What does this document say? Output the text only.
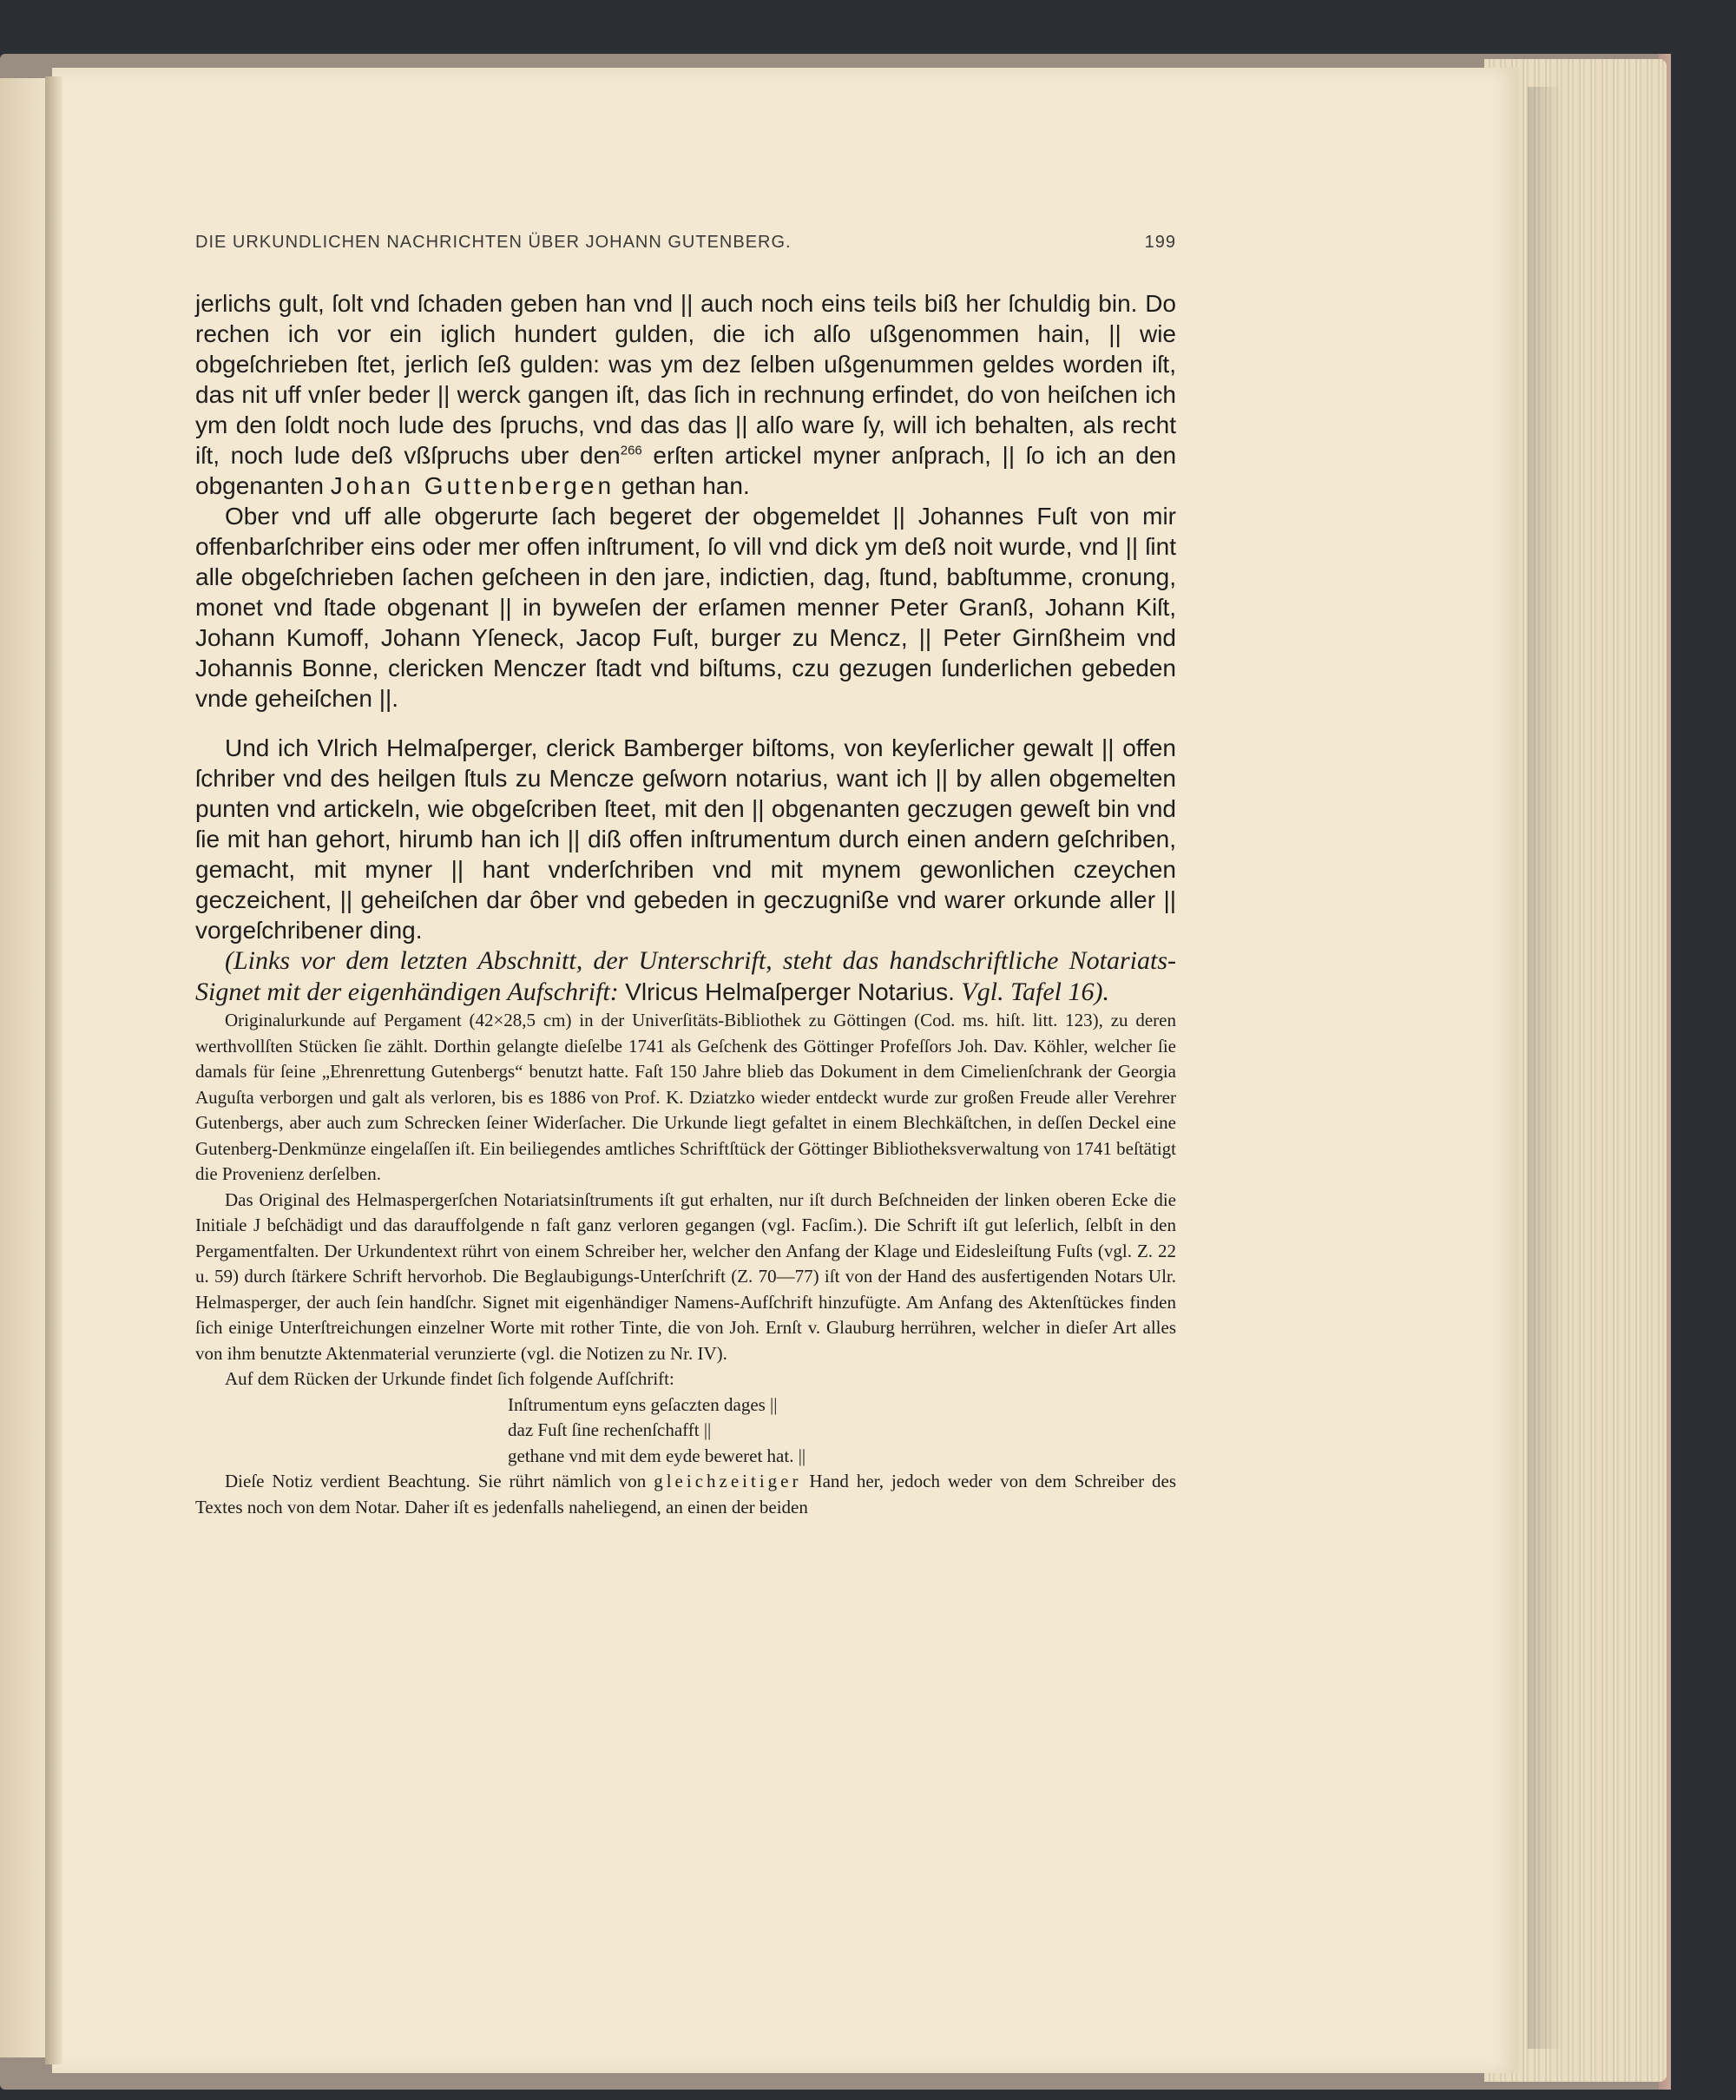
DIE URKUNDLICHEN NACHRICHTEN ÜBER JOHANN GUTENBERG.	199

jerlichs gult, ſolt vnd ſchaden geben han vnd || auch noch eins teils biß her ſchuldig bin. Do rechen ich vor ein iglich hundert gulden, die ich alſo ußgenommen hain, || wie obgeſchrieben ſtet, jerlich ſeß gulden: was ym dez ſelben ußgenummen geldes worden iſt, das nit uff vnſer beder || werck gangen iſt, das ſich in rechnung erfindet, do von heiſchen ich ym den ſoldt noch lude des ſpruchs, vnd das das || alſo ware ſy, will ich behalten, als recht iſt, noch lude deß vßſpruchs uber den$^{266}$ erſten artickel myner anſprach, || ſo ich an den obgenanten Johan Guttenbergen gethan han.

Ober vnd uff alle obgerurte ſach begeret der obgemeldet || Johannes Fuſt von mir offenbarſchriber eins oder mer offen inſtrument, ſo vill vnd dick ym deß noit wurde, vnd || ſint alle obgeſchrieben ſachen geſcheen in den jare, indictien, dag, ſtund, babſtumme, cronung, monet vnd ſtade obgenant || in byweſen der erſamen menner Peter Granß, Johann Kiſt, Johann Kumoff, Johann Yſeneck, Jacop Fuſt, burger zu Mencz, || Peter Girnßheim vnd Johannis Bonne, clericken Menczer ſtadt vnd biſtums, czu gezugen ſunderlichen gebeden vnde geheiſchen ||.

Und ich Vlrich Helmaſperger, clerick Bamberger biſtoms, von keyſerlicher gewalt || offen ſchriber vnd des heilgen ſtuls zu Mencze geſworn notarius, want ich || by allen obgemelten punten vnd artickeln, wie obgeſcriben ſteet, mit den || obgenanten geczugen geweſt bin vnd ſie mit han gehort, hirumb han ich || diß offen inſtrumentum durch einen andern geſchriben, gemacht, mit myner || hant vnderſchriben vnd mit mynem gewonlichen czeychen geczeichent, || geheiſchen dar ôber vnd gebeden in geczugniße vnd warer orkunde aller || vorgeſchribener ding.

(Links vor dem letzten Abschnitt, der Unterschrift, steht das handschriftliche Notariats-Signet mit der eigenhändigen Aufschrift: Vlricus Helmaſperger Notarius. Vgl. Tafel 16).

Originalurkunde auf Pergament (42×28,5 cm) in der Univerſitäts-Bibliothek zu Göttingen (Cod. ms. hiſt. litt. 123), zu deren werthvollſten Stücken ſie zählt. Dorthin gelangte dieſelbe 1741 als Geſchenk des Göttinger Profeſſors Joh. Dav. Köhler, welcher ſie damals für ſeine „Ehrenrettung Gutenbergs“ benutzt hatte. Faſt 150 Jahre blieb das Dokument in dem Cimelienſchrank der Georgia Auguſta verborgen und galt als verloren, bis es 1886 von Prof. K. Dziatzko wieder entdeckt wurde zur großen Freude aller Verehrer Gutenbergs, aber auch zum Schrecken ſeiner Widerſacher. Die Urkunde liegt gefaltet in einem Blechkäſtchen, in deſſen Deckel eine Gutenberg-Denkmünze eingelaſſen iſt. Ein beiliegendes amtliches Schriftſtück der Göttinger Bibliotheksverwaltung von 1741 beſtätigt die Provenienz derſelben.

Das Original des Helmaspergerſchen Notariatsinſtruments iſt gut erhalten, nur iſt durch Beſchneiden der linken oberen Ecke die Initiale J beſchädigt und das darauffolgende n faſt ganz verloren gegangen (vgl. Facſim.). Die Schrift iſt gut leſerlich, ſelbſt in den Pergamentfalten. Der Urkundentext rührt von einem Schreiber her, welcher den Anfang der Klage und Eidesleiſtung Fuſts (vgl. Z. 22 u. 59) durch ſtärkere Schrift hervorhob. Die Beglaubigungs-Unterſchrift (Z. 70—77) iſt von der Hand des ausfertigenden Notars Ulr. Helmasperger, der auch ſein handſchr. Signet mit eigenhändiger Namens-Aufſchrift hinzufügte. Am Anfang des Aktenſtückes finden ſich einige Unterſtreichungen einzelner Worte mit rother Tinte, die von Joh. Ernſt v. Glauburg herrühren, welcher in dieſer Art alles von ihm benutzte Aktenmaterial verunzierte (vgl. die Notizen zu Nr. IV).

Auf dem Rücken der Urkunde findet ſich folgende Aufſchrift:

Inſtrumentum eyns geſaczten dages ||
daz Fuſt ſine rechenſchafft ||
gethane vnd mit dem eyde beweret hat. ||

Dieſe Notiz verdient Beachtung. Sie rührt nämlich von gleichzeitiger Hand her, jedoch weder von dem Schreiber des Textes noch von dem Notar. Daher iſt es jedenfalls naheliegend, an einen der beiden
